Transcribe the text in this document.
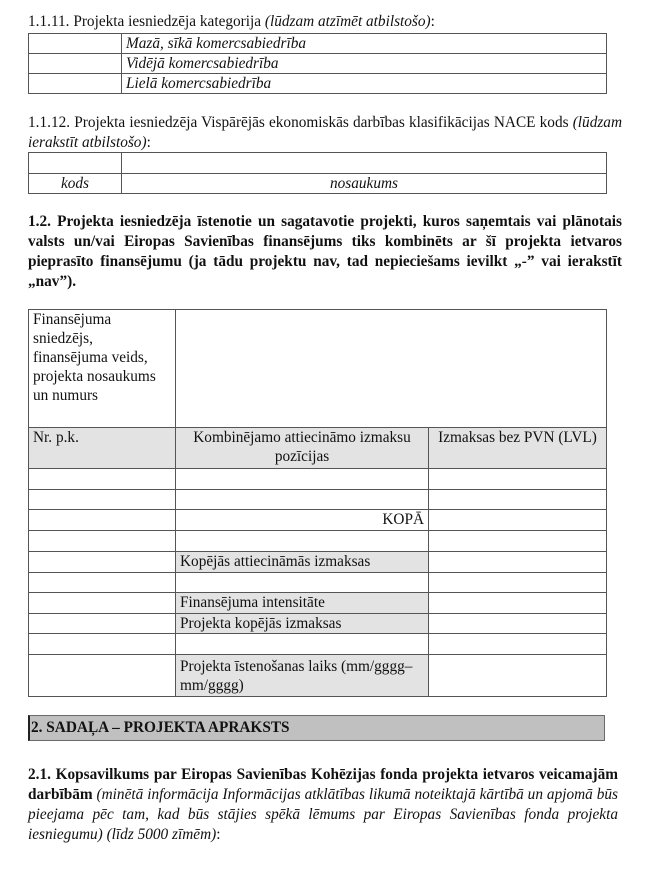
1.1.11. Projekta iesniedzēja kategorija (lūdzam atzīmēt atbilstošo):
	Mazā, sīkā komercsabiedrība
	Vidējā komercsabiedrība
	Lielā komercsabiedrība
1.1.12. Projekta iesniedzēja Vispārējās ekonomiskās darbības klasifikācijas NACE kods (lūdzam ierakstīt atbilstošo):

kods	nosaukums
1.2. Projekta iesniedzēja īstenotie un sagatavotie projekti, kuros saņemtais vai plānotais valsts un/vai Eiropas Savienības finansējums tiks kombinēts ar šī projekta ietvaros pieprasīto finansējumu (ja tādu projektu nav, tad nepieciešams ievilkt „-” vai ierakstīt „nav”).
Finansējuma sniedzējs, finansējuma veids, projekta nosaukums un numurs		
Nr. p.k.	Kombinējamo attiecināmo izmaksu pozīcijas	Izmaksas bez PVN (LVL)

	KOPĀ	

	Kopējās attiecināmās izmaksas	

	Finansējuma intensitāte	
	Projekta kopējās izmaksas	

	Projekta īstenošanas laiks (mm/gggg–mm/gggg)	
2. SADAĻA – PROJEKTA APRAKSTS
2.1. Kopsavilkums par Eiropas Savienības Kohēzijas fonda projekta ietvaros veicamajām darbībām (minētā informācija Informācijas atklātības likumā noteiktajā kārtībā un apjomā būs pieejama pēc tam, kad būs stājies spēkā lēmums par Eiropas Savienības fonda projekta iesniegumu) (līdz 5000 zīmēm):
